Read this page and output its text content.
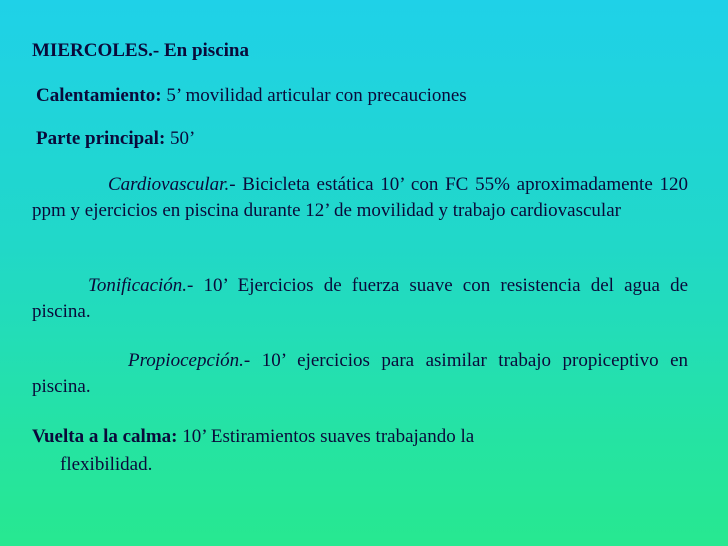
MIERCOLES.- En piscina

Calentamiento: 5’ movilidad articular con precauciones

Parte principal: 50’

Cardiovascular.- Bicicleta estática 10’ con FC 55% aproximadamente 120 ppm y ejercicios en piscina durante 12’ de movilidad y trabajo cardiovascular

Tonificación.- 10’ Ejercicios de fuerza suave con resistencia del agua de piscina.

Propiocepción.- 10’ ejercicios para asimilar trabajo propiceptivo en piscina.

Vuelta a la calma: 10’ Estiramientos suaves trabajando la

flexibilidad.
